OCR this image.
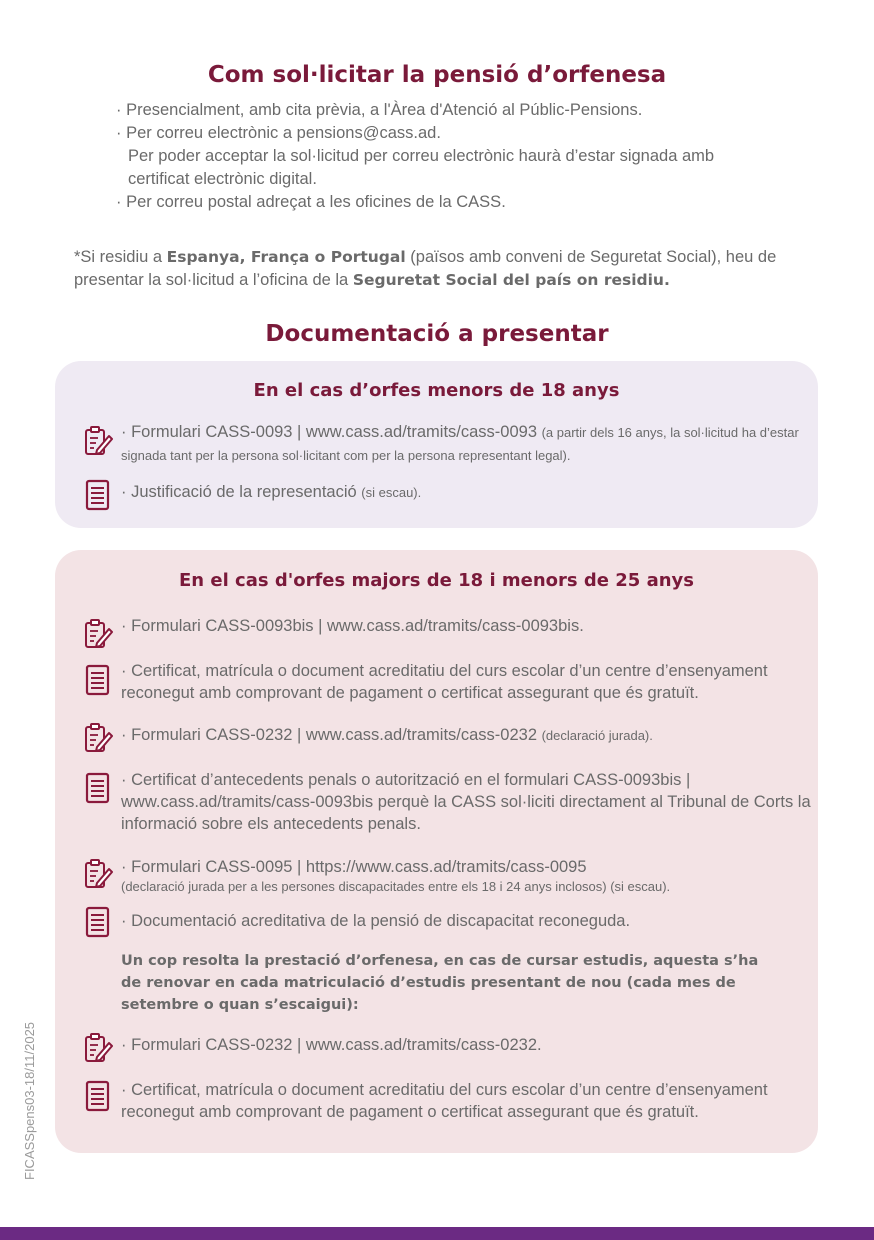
Com sol·licitar la pensió d’orfenesa
· Presencialment, amb cita prèvia, a l'Àrea d'Atenció al Públic-Pensions.
· Per correu electrònic a pensions@cass.ad.
Per poder acceptar la sol·licitud per correu electrònic haurà d’estar signada amb
certificat electrònic digital.
· Per correu postal adreçat a les oficines de la CASS.
*Si residiu a Espanya, França o Portugal (països amb conveni de Seguretat Social), heu de presentar la sol·licitud a l’oficina de la Seguretat Social del país on residiu.
Documentació a presentar
En el cas d’orfes menors de 18 anys
· Formulari CASS-0093 | www.cass.ad/tramits/cass-0093 (a partir dels 16 anys, la sol·licitud ha d’estar signada tant per la persona sol·licitant com per la persona representant legal).
· Justificació de la representació (si escau).
En el cas d'orfes majors de 18 i menors de 25 anys
· Formulari CASS-0093bis | www.cass.ad/tramits/cass-0093bis.
· Certificat, matrícula o document acreditatiu del curs escolar d’un centre d’ensenyament reconegut amb comprovant de pagament o certificat assegurant que és gratuït.
· Formulari CASS-0232 | www.cass.ad/tramits/cass-0232 (declaració jurada).
· Certificat d’antecedents penals o autorització en el formulari CASS-0093bis | www.cass.ad/tramits/cass-0093bis perquè la CASS sol·liciti directament al Tribunal de Corts la informació sobre els antecedents penals.
· Formulari CASS-0095 | https://www.cass.ad/tramits/cass-0095
(declaració jurada per a les persones discapacitades entre els 18 i 24 anys inclosos) (si escau).
· Documentació acreditativa de la pensió de discapacitat reconeguda.
Un cop resolta la prestació d’orfenesa, en cas de cursar estudis, aquesta s’ha de renovar en cada matriculació d’estudis presentant de nou (cada mes de setembre o quan s’escaigui):
· Formulari CASS-0232 | www.cass.ad/tramits/cass-0232.
· Certificat, matrícula o document acreditatiu del curs escolar d’un centre d’ensenyament reconegut amb comprovant de pagament o certificat assegurant que és gratuït.
FICASSpens03-18/11/2025
